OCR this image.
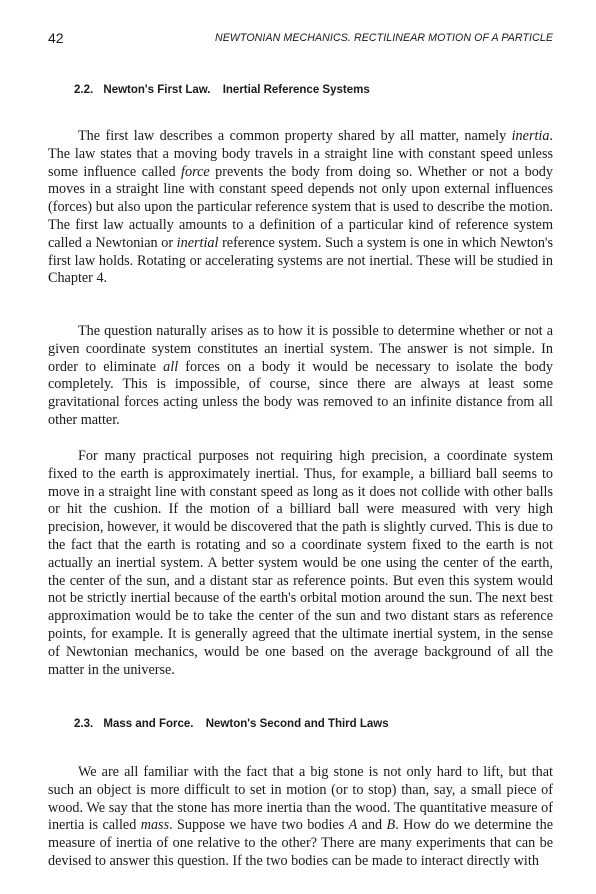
42	NEWTONIAN MECHANICS. RECTILINEAR MOTION OF A PARTICLE
2.2. Newton's First Law. Inertial Reference Systems

The first law describes a common property shared by all matter, namely inertia. The law states that a moving body travels in a straight line with constant speed unless some influence called force prevents the body from doing so. Whether or not a body moves in a straight line with constant speed depends not only upon external influences (forces) but also upon the particular reference system that is used to describe the motion. The first law actually amounts to a definition of a particular kind of reference system called a Newtonian or inertial reference system. Such a system is one in which Newton's first law holds. Rotating or accelerating systems are not inertial. These will be studied in Chapter 4.

The question naturally arises as to how it is possible to determine whether or not a given coordinate system constitutes an inertial system. The answer is not simple. In order to eliminate all forces on a body it would be necessary to isolate the body completely. This is impossible, of course, since there are always at least some gravitational forces acting unless the body was removed to an infinite distance from all other matter.

For many practical purposes not requiring high precision, a coordinate system fixed to the earth is approximately inertial. Thus, for example, a billiard ball seems to move in a straight line with constant speed as long as it does not collide with other balls or hit the cushion. If the motion of a billiard ball were measured with very high precision, however, it would be discovered that the path is slightly curved. This is due to the fact that the earth is rotating and so a coordinate system fixed to the earth is not actually an inertial system. A better system would be one using the center of the earth, the center of the sun, and a distant star as reference points. But even this system would not be strictly inertial because of the earth's orbital motion around the sun. The next best approximation would be to take the center of the sun and two distant stars as reference points, for example. It is generally agreed that the ultimate inertial system, in the sense of Newtonian mechanics, would be one based on the average background of all the matter in the universe.

2.3. Mass and Force. Newton's Second and Third Laws

We are all familiar with the fact that a big stone is not only hard to lift, but that such an object is more difficult to set in motion (or to stop) than, say, a small piece of wood. We say that the stone has more inertia than the wood. The quantitative measure of inertia is called mass. Suppose we have two bodies A and B. How do we determine the measure of inertia of one relative to the other? There are many experiments that can be devised to answer this question. If the two bodies can be made to interact directly with
